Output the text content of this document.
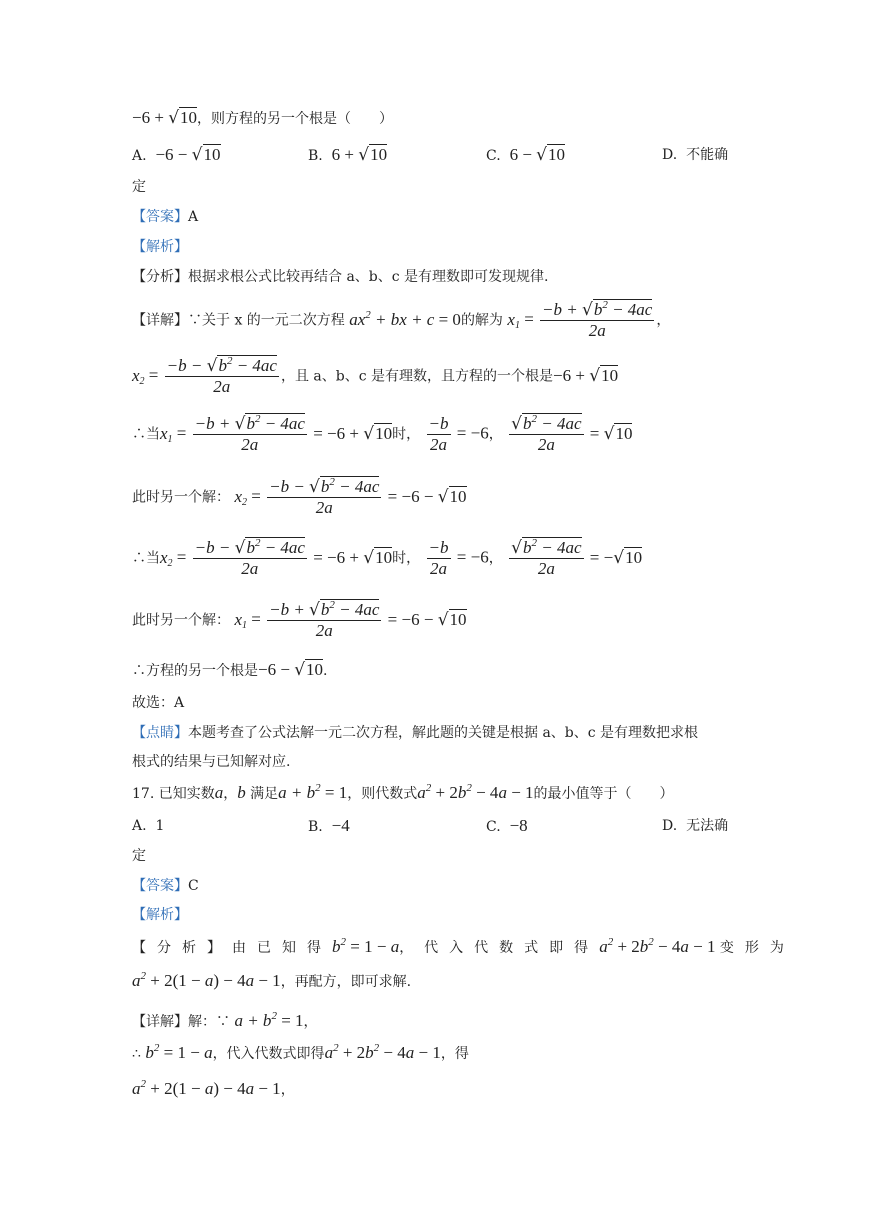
−6 + √10，则方程的另一个根是（　　）
A. −6 − √10	B. 6 + √10	C. 6 − √10	D. 不能确
定
【答案】A
【解析】
【分析】根据求根公式比较再结合 a、b、c 是有理数即可发现规律.
【详解】∵关于 x 的一元二次方程 $ax^2$ + bx + c = 0的解为 $x_1 = \frac{-b + √b^2 - 4ac}{2a}$ ，
$x_2 = \frac{-b - √b^2 - 4ac}{2a}$ ，且 a、b、c 是有理数，且方程的一个根是−6 + √10
∴当$x_1 = \frac{-b + √b^2 - 4ac}{2a} = -6 + √10$时， $\frac{-b}{2a} = -6$， $\frac{√b^2 - 4ac}{2a} = √10$
此时另一个解： $x_2 = \frac{-b - √b^2 - 4ac}{2a} = -6 - √10$
∴当$x_2 = \frac{-b - √b^2 - 4ac}{2a} = -6 + √10$时， $\frac{-b}{2a} = -6$， $\frac{√b^2 - 4ac}{2a} = -√10$
此时另一个解： $x_1 = \frac{-b + √b^2 - 4ac}{2a} = -6 - √10$
∴方程的另一个根是−6 − √10.
故选：A
【点睛】本题考查了公式法解一元二次方程，解此题的关键是根据 a、b、c 是有理数把求根
根式的结果与已知解对应.
17. 已知实数a，b 满足$a + b^2 = 1$，则代数式$a^2 + 2b^2 - 4a - 1$的最小值等于（　　）
A. 1	B. −4	C. −8	D. 无法确
定
【答案】C
【解析】
【分析】由已知得$b^2 = 1 - a$，代入代数式即得$a^2 + 2b^2 - 4a - 1$ 变形为
$a^2 + 2(1 - a) - 4a - 1$，再配方，即可求解.
【详解】解：∵ $a + b^2 = 1$，
∴ $b^2 = 1 - a$，代入代数式即得$a^2 + 2b^2 - 4a - 1$，得
$a^2 + 2(1 - a) - 4a - 1$，
